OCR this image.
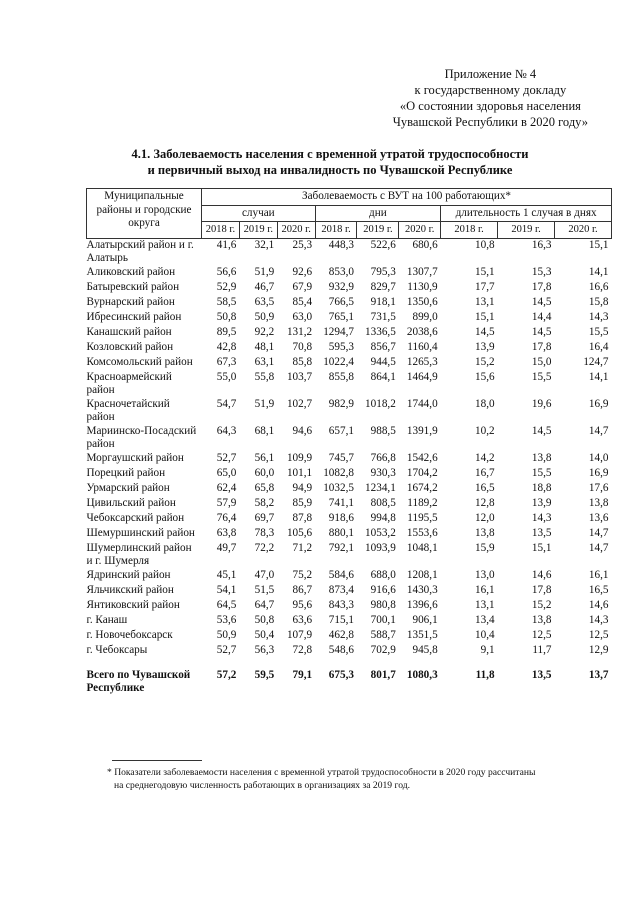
Приложение № 4
к государственному докладу
«О состоянии здоровья населения
Чувашской Республики в 2020 году»
4.1. Заболеваемость населения с временной утратой трудоспособности
и первичный выход на инвалидность по Чувашской Республике
Муниципальные районы и городские округа	Заболеваемость с ВУТ на 100 работающих*								
	случаи			дни			длительность 1 случая в днях		
	2018 г.	2019 г.	2020 г.	2018 г.	2019 г.	2020 г.	2018 г.	2019 г.	2020 г.
Алатырский район и г. Алатырь	41,6	32,1	25,3	448,3	522,6	680,6	10,8	16,3	15,1
Аликовский район	56,6	51,9	92,6	853,0	795,3	1307,7	15,1	15,3	14,1
Батыревский район	52,9	46,7	67,9	932,9	829,7	1130,9	17,7	17,8	16,6
Вурнарский район	58,5	63,5	85,4	766,5	918,1	1350,6	13,1	14,5	15,8
Ибресинский район	50,8	50,9	63,0	765,1	731,5	899,0	15,1	14,4	14,3
Канашский район	89,5	92,2	131,2	1294,7	1336,5	2038,6	14,5	14,5	15,5
Козловский район	42,8	48,1	70,8	595,3	856,7	1160,4	13,9	17,8	16,4
Комсомольский район	67,3	63,1	85,8	1022,4	944,5	1265,3	15,2	15,0	124,7
Красноармейский район	55,0	55,8	103,7	855,8	864,1	1464,9	15,6	15,5	14,1
Красночетайский район	54,7	51,9	102,7	982,9	1018,2	1744,0	18,0	19,6	16,9
Мариинско-Посадский район	64,3	68,1	94,6	657,1	988,5	1391,9	10,2	14,5	14,7
Моргаушский район	52,7	56,1	109,9	745,7	766,8	1542,6	14,2	13,8	14,0
Порецкий район	65,0	60,0	101,1	1082,8	930,3	1704,2	16,7	15,5	16,9
Урмарский район	62,4	65,8	94,9	1032,5	1234,1	1674,2	16,5	18,8	17,6
Цивильский район	57,9	58,2	85,9	741,1	808,5	1189,2	12,8	13,9	13,8
Чебоксарский район	76,4	69,7	87,8	918,6	994,8	1195,5	12,0	14,3	13,6
Шемуршинский район	63,8	78,3	105,6	880,1	1053,2	1553,6	13,8	13,5	14,7
Шумерлинский район и г. Шумерля	49,7	72,2	71,2	792,1	1093,9	1048,1	15,9	15,1	14,7
Ядринский район	45,1	47,0	75,2	584,6	688,0	1208,1	13,0	14,6	16,1
Яльчикский район	54,1	51,5	86,7	873,4	916,6	1430,3	16,1	17,8	16,5
Янтиковский район	64,5	64,7	95,6	843,3	980,8	1396,6	13,1	15,2	14,6
г. Канаш	53,6	50,8	63,6	715,1	700,1	906,1	13,4	13,8	14,3
г. Новочебоксарск	50,9	50,4	107,9	462,8	588,7	1351,5	10,4	12,5	12,5
г. Чебоксары	52,7	56,3	72,8	548,6	702,9	945,8	9,1	11,7	12,9
Всего по Чувашской Республике	57,2	59,5	79,1	675,3	801,7	1080,3	11,8	13,5	13,7
* Показатели заболеваемости населения с временной утратой трудоспособности в 2020 году рассчитаны
на среднегодовую численность работающих в организациях за 2019 год.
